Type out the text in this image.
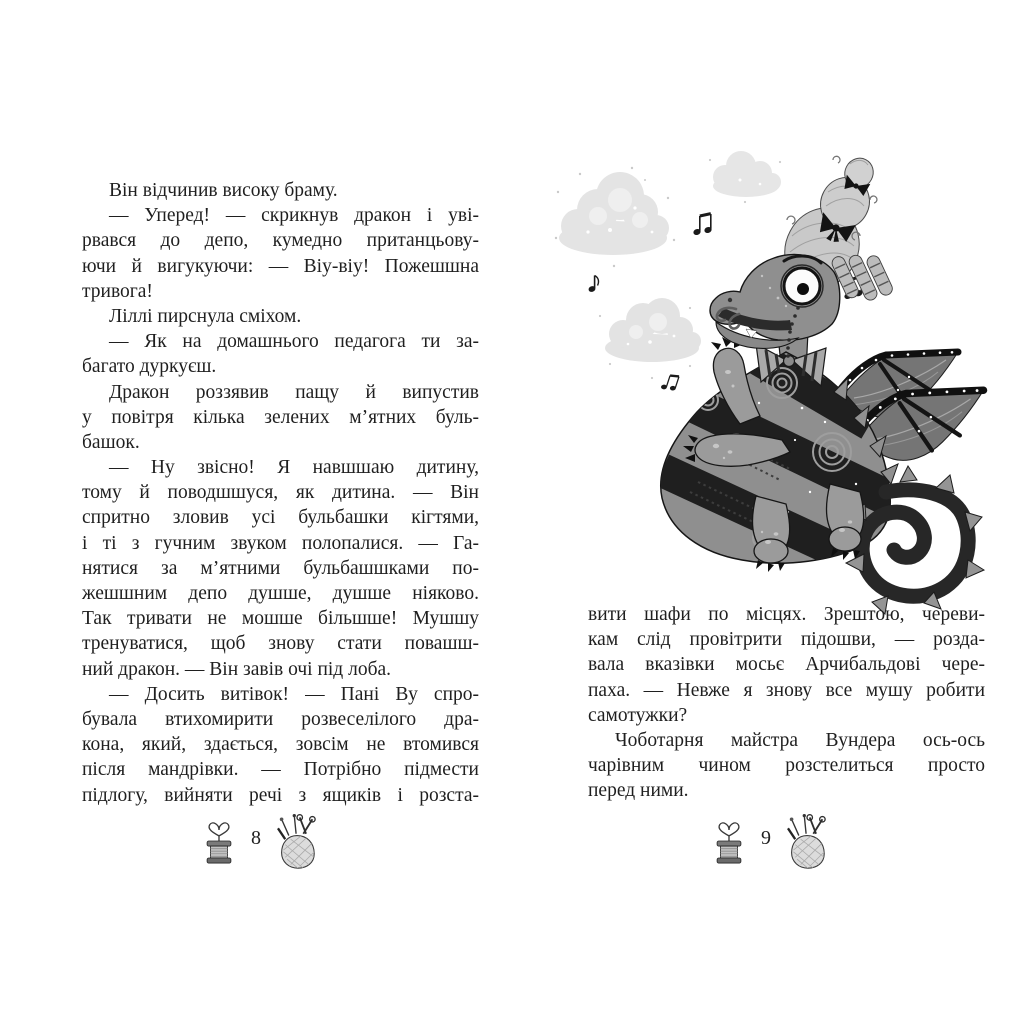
Він відчинив високу браму.
— Уперед! — скрикнув дракон і уві-
рвався до депо, кумедно пританцьову-
ючи й вигукуючи: — Віу-віу! Пожешшна
тривога!
Ліллі пирснула сміхом.
— Як на домашнього педагога ти за-
багато дуркуєш.
Дракон роззявив пащу й випустив
у повітря кілька зелених м’ятних буль-
башок.
— Ну звісно! Я навшшаю дитину,
тому й поводшшуся, як дитина. — Він
спритно зловив усі бульбашки кігтями,
і ті з гучним звуком полопалися. — Га-
нятися за м’ятними бульбашшками по-
жешшним депо душше, душше ніяково.
Так тривати не мошше більшше! Мушшу
тренуватися, щоб знову стати повашш-
ний дракон. — Він завів очі під лоба.
— Досить витівок! — Пані Ву спро-
бувала втихомирити розвеселілого дра-
кона, який, здається, зовсім не втомився
після мандрівки. — Потрібно підмести
підлогу, вийняти речі з ящиків і розста-
8
вити шафи по місцях. Зрештою, череви-
кам слід провітрити підошви, — розда-
вала вказівки мосьє Арчибальдові чере-
паха. — Невже я знову все мушу робити
самотужки?
Чоботарня майстра Вундера ось-ось
чарівним чином розстелиться просто
перед ними.
9
